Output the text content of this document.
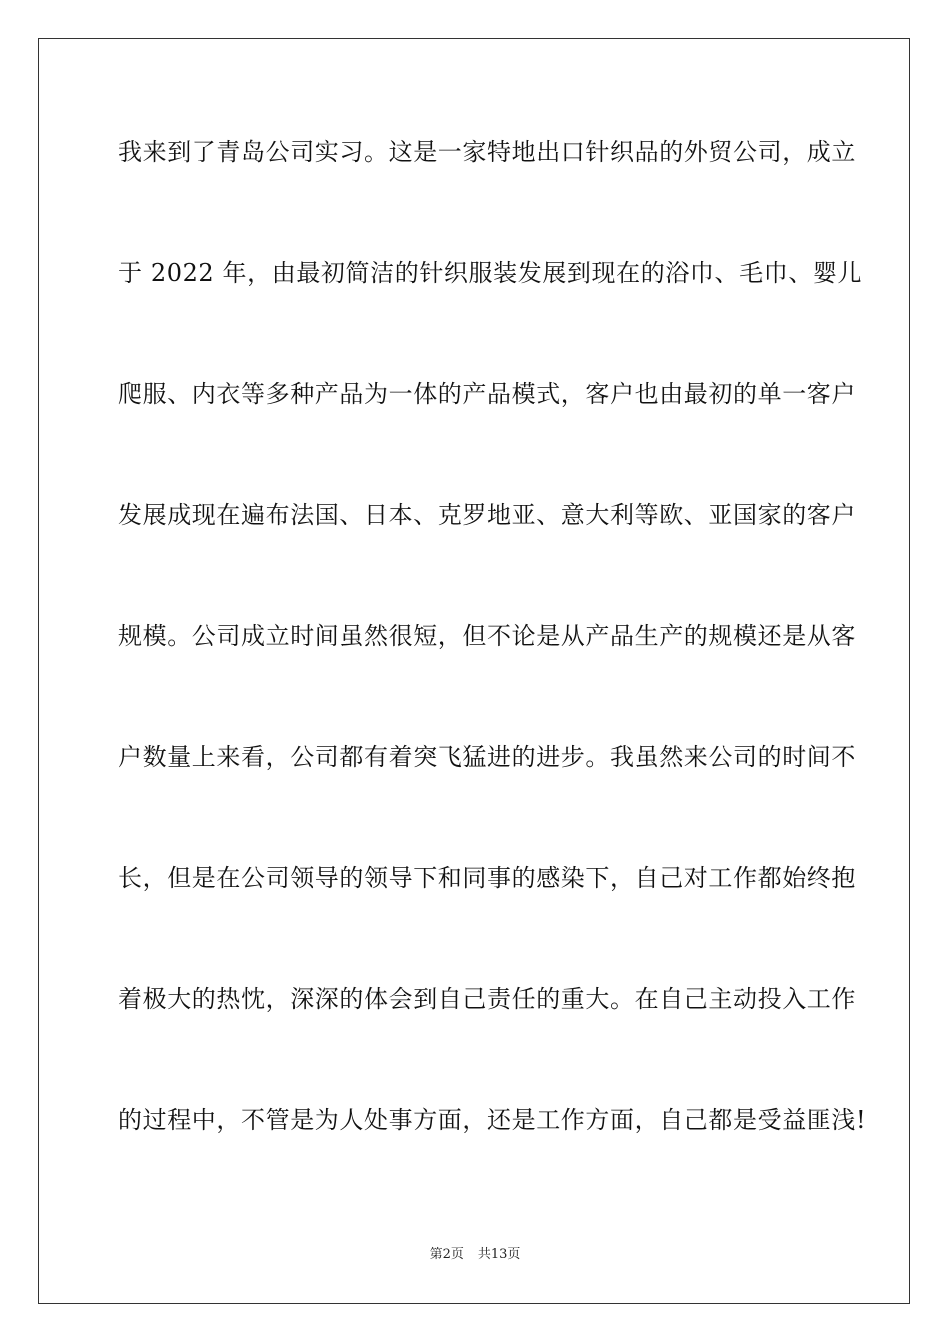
我来到了青岛公司实习。这是一家特地出口针织品的外贸公司，成立
于 2022 年，由最初简洁的针织服装发展到现在的浴巾、毛巾、婴儿
爬服、内衣等多种产品为一体的产品模式，客户也由最初的单一客户
发展成现在遍布法国、日本、克罗地亚、意大利等欧、亚国家的客户
规模。公司成立时间虽然很短，但不论是从产品生产的规模还是从客
户数量上来看，公司都有着突飞猛进的进步。我虽然来公司的时间不
长，但是在公司领导的领导下和同事的感染下，自己对工作都始终抱
着极大的热忱，深深的体会到自己责任的重大。在自己主动投入工作
的过程中，不管是为人处事方面，还是工作方面，自己都是受益匪浅!
第2页 共13页
